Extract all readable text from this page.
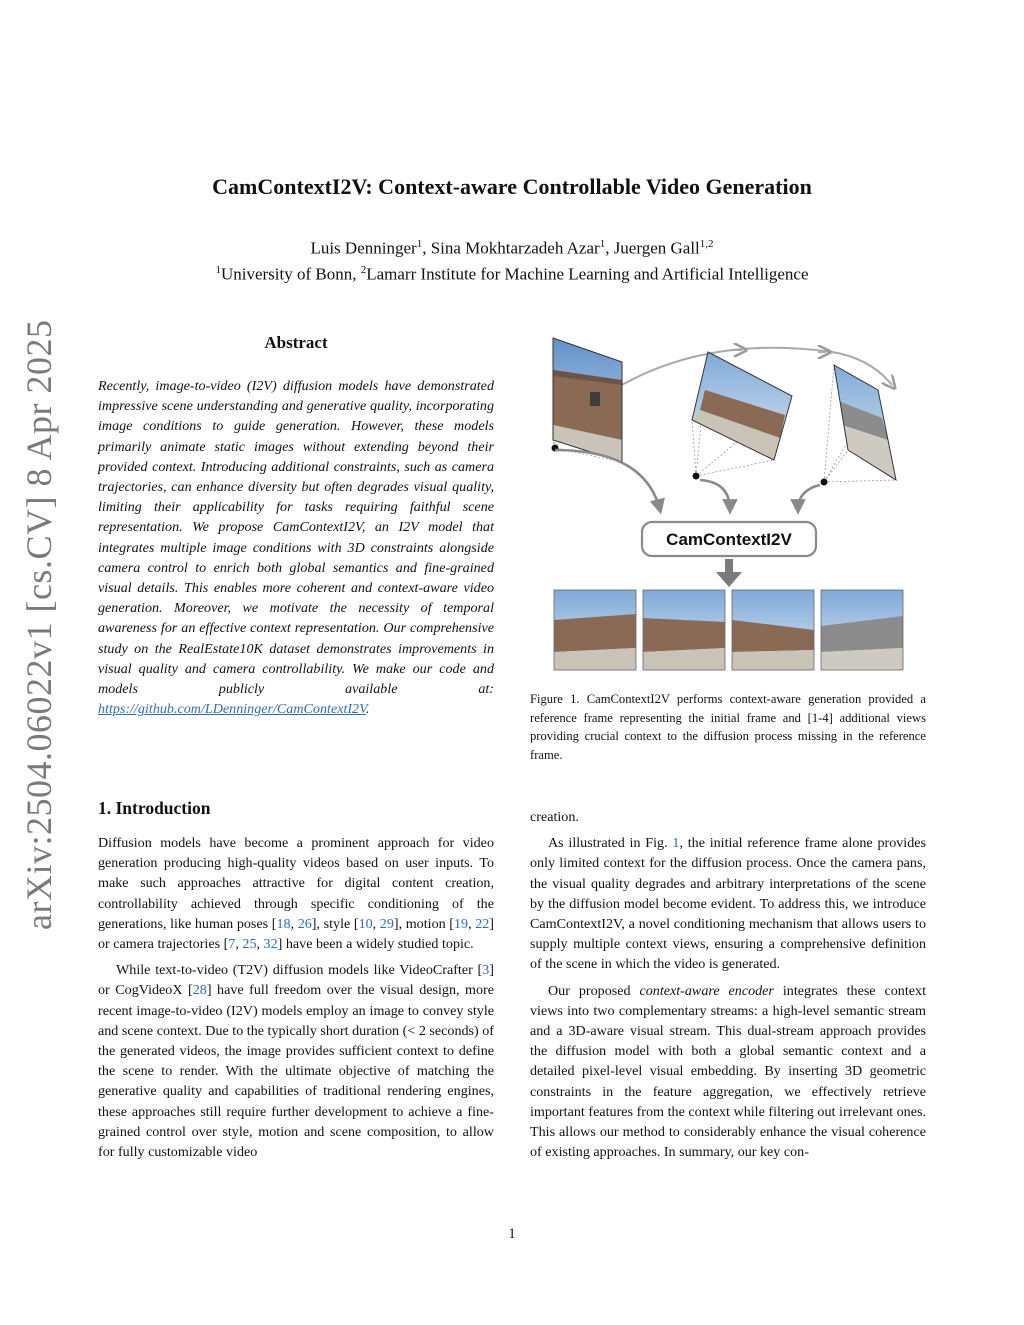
arXiv:2504.06022v1 [cs.CV] 8 Apr 2025
CamContextI2V: Context-aware Controllable Video Generation
Luis Denninger$^1$, Sina Mokhtarzadeh Azar$^1$, Juergen Gall$^{1,2}$
$^1$University of Bonn, $^2$Lamarr Institute for Machine Learning and Artificial Intelligence
Abstract
Recently, image-to-video (I2V) diffusion models have demonstrated impressive scene understanding and generative quality, incorporating image conditions to guide generation. However, these models primarily animate static images without extending beyond their provided context. Introducing additional constraints, such as camera trajectories, can enhance diversity but often degrades visual quality, limiting their applicability for tasks requiring faithful scene representation. We propose CamContextI2V, an I2V model that integrates multiple image conditions with 3D constraints alongside camera control to enrich both global semantics and fine-grained visual details. This enables more coherent and context-aware video generation. Moreover, we motivate the necessity of temporal awareness for an effective context representation. Our comprehensive study on the RealEstate10K dataset demonstrates improvements in visual quality and camera controllability. We make our code and models publicly available at: https://github.com/LDenninger/CamContextI2V.
CamContextI2V
Figure 1. CamContextI2V performs context-aware generation provided a reference frame representing the initial frame and [1-4] additional views providing crucial context to the diffusion process missing in the reference frame.
1. Introduction

Diffusion models have become a prominent approach for video generation producing high-quality videos based on user inputs. To make such approaches attractive for digital content creation, controllability achieved through specific conditioning of the generations, like human poses [18, 26], style [10, 29], motion [19, 22] or camera trajectories [7, 25, 32] have been a widely studied topic.

While text-to-video (T2V) diffusion models like VideoCrafter [3] or CogVideoX [28] have full freedom over the visual design, more recent image-to-video (I2V) models employ an image to convey style and scene context. Due to the typically short duration (< 2 seconds) of the generated videos, the image provides sufficient context to define the scene to render. With the ultimate objective of matching the generative quality and capabilities of traditional rendering engines, these approaches still require further development to achieve a fine-grained control over style, motion and scene composition, to allow for fully customizable video

creation.

As illustrated in Fig. 1, the initial reference frame alone provides only limited context for the diffusion process. Once the camera pans, the visual quality degrades and arbitrary interpretations of the scene by the diffusion model become evident. To address this, we introduce CamContextI2V, a novel conditioning mechanism that allows users to supply multiple context views, ensuring a comprehensive definition of the scene in which the video is generated.

Our proposed context-aware encoder integrates these context views into two complementary streams: a high-level semantic stream and a 3D-aware visual stream. This dual-stream approach provides the diffusion model with both a global semantic context and a detailed pixel-level visual embedding. By inserting 3D geometric constraints in the feature aggregation, we effectively retrieve important features from the context while filtering out irrelevant ones. This allows our method to considerably enhance the visual coherence of existing approaches. In summary, our key con-

1
